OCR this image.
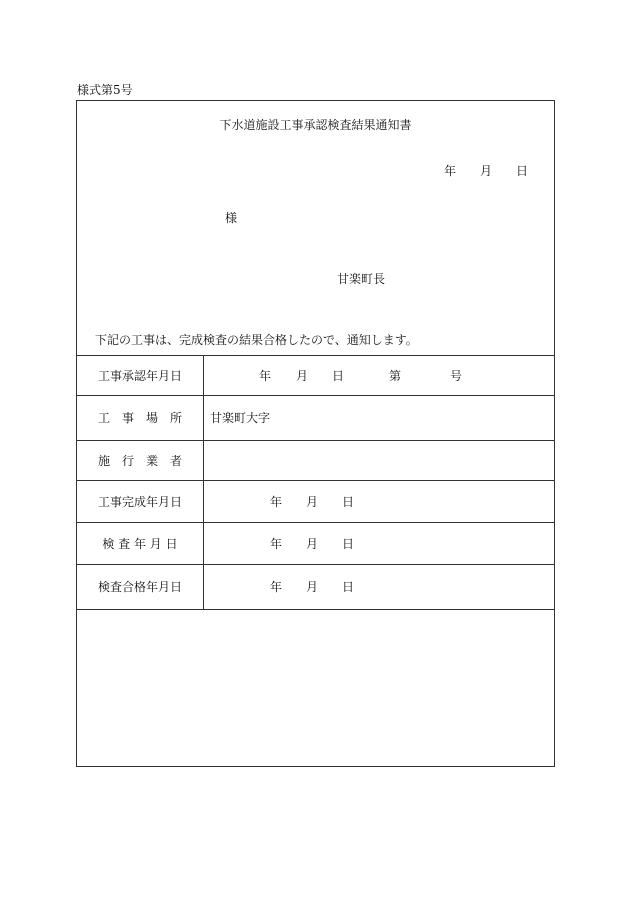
様式第5号
下水道施設工事承認検査結果通知書
年 月 日
様
甘楽町長
下記の工事は、完成検査の結果合格したので、通知します。
工事承認年月日	年 月 日 第 号

工　事　場　所	甘楽町大字
施　行　業　者	
工事完成年月日	年 月 日

検 査 年 月 日	年 月 日

検査合格年月日	年 月 日
